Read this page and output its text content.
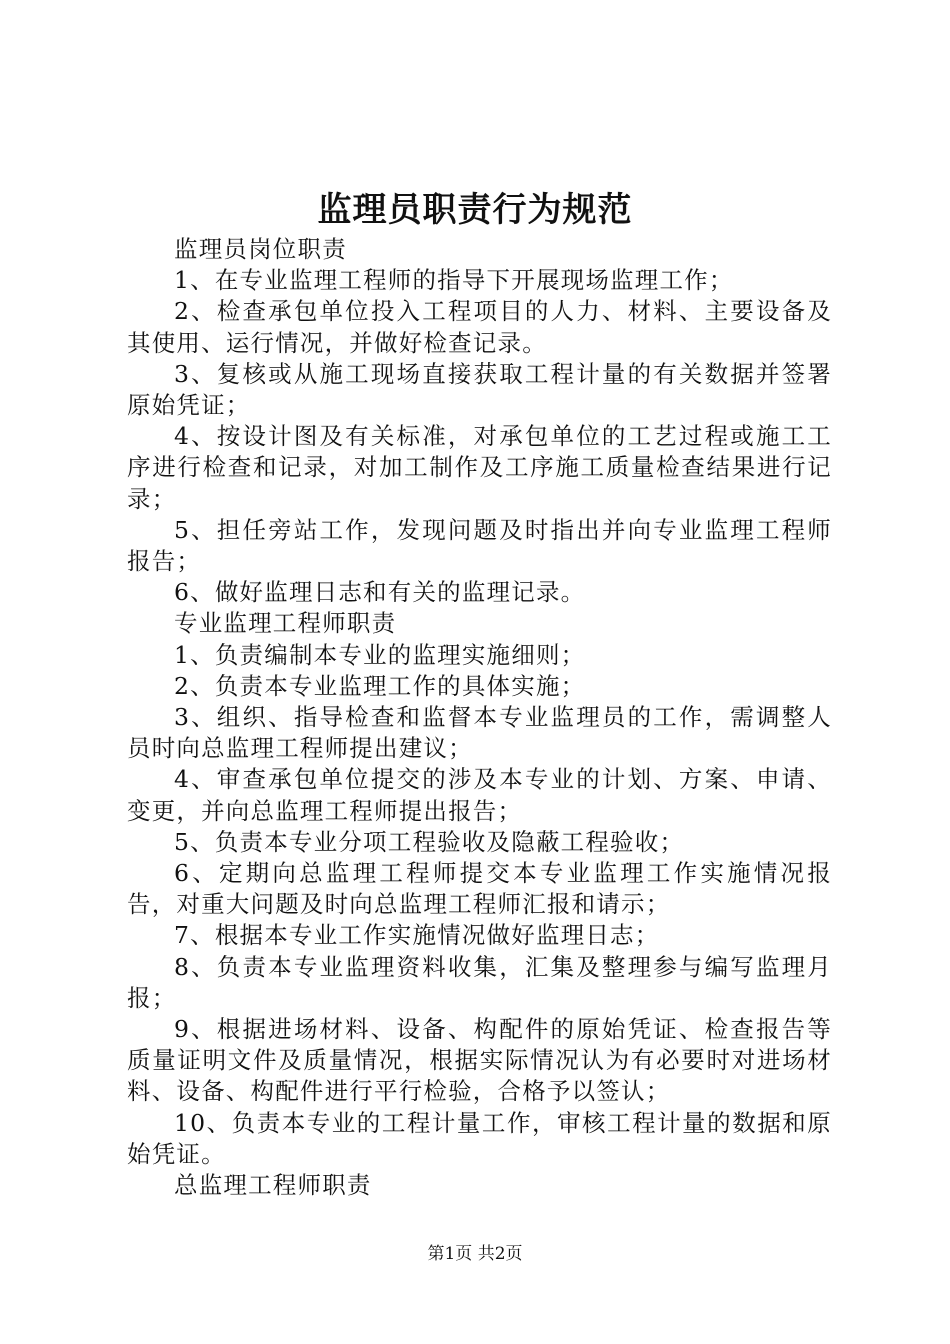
监理员职责行为规范

监理员岗位职责

1、在专业监理工程师的指导下开展现场监理工作；

2、检查承包单位投入工程项目的人力、材料、主要设备及其使用、运行情况，并做好检查记录。

3、复核或从施工现场直接获取工程计量的有关数据并签署原始凭证；

4、按设计图及有关标准，对承包单位的工艺过程或施工工序进行检查和记录，对加工制作及工序施工质量检查结果进行记录；

5、担任旁站工作，发现问题及时指出并向专业监理工程师报告；

6、做好监理日志和有关的监理记录。

专业监理工程师职责

1、负责编制本专业的监理实施细则；

2、负责本专业监理工作的具体实施；

3、组织、指导检查和监督本专业监理员的工作，需调整人员时向总监理工程师提出建议；

4、审查承包单位提交的涉及本专业的计划、方案、申请、变更，并向总监理工程师提出报告；

5、负责本专业分项工程验收及隐蔽工程验收；

6、定期向总监理工程师提交本专业监理工作实施情况报告，对重大问题及时向总监理工程师汇报和请示；

7、根据本专业工作实施情况做好监理日志；

8、负责本专业监理资料收集，汇集及整理参与编写监理月报；

9、根据进场材料、设备、构配件的原始凭证、检查报告等质量证明文件及质量情况，根据实际情况认为有必要时对进场材料、设备、构配件进行平行检验，合格予以签认；

10、负责本专业的工程计量工作，审核工程计量的数据和原始凭证。

总监理工程师职责

第1页 共2页
